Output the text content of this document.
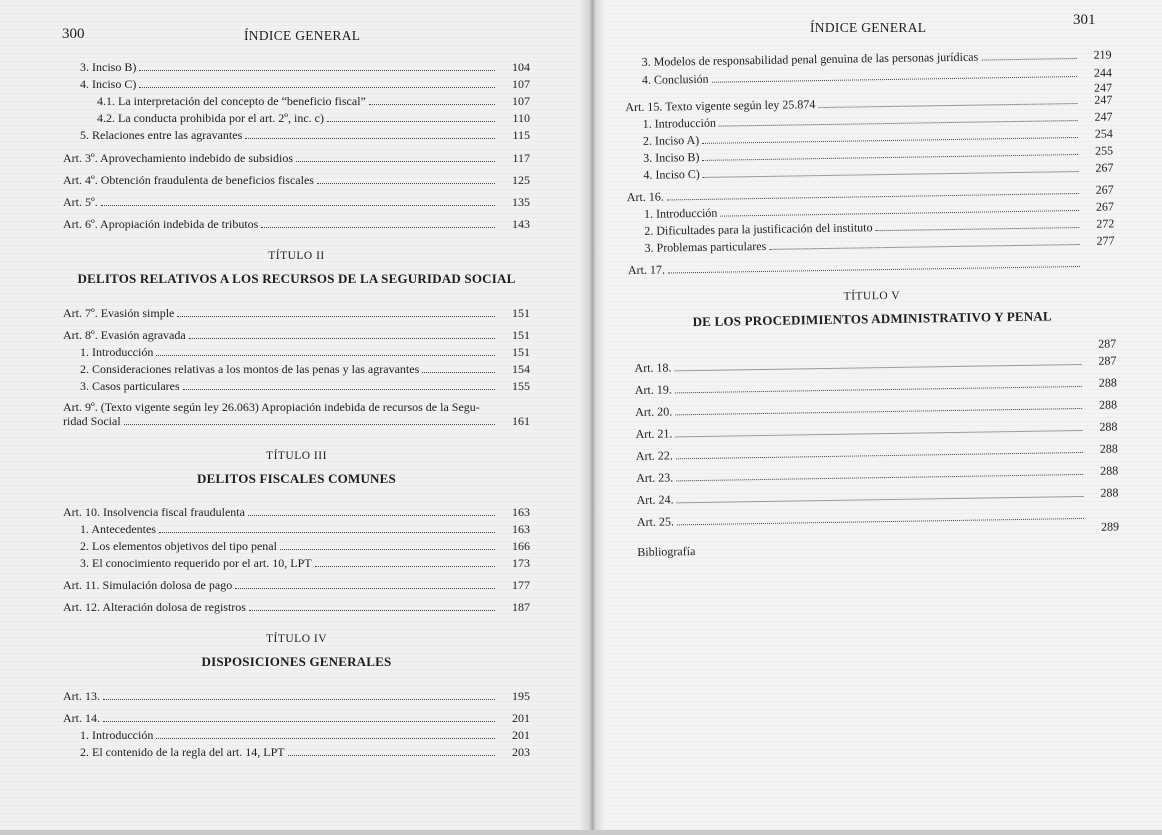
300	ÍNDICE GENERAL
3. Inciso B)	104
4. Inciso C)	107
4.1. La interpretación del concepto de “beneficio fiscal”	107
4.2. La conducta prohibida por el art. 2º, inc. c)	110
5. Relaciones entre las agravantes	115
Art. 3º. Aprovechamiento indebido de subsidios	117
Art. 4º. Obtención fraudulenta de beneficios fiscales	125
Art. 5º.	135
Art. 6º. Apropiación indebida de tributos	143
TÍTULO II
DELITOS RELATIVOS A LOS RECURSOS DE LA SEGURIDAD SOCIAL
Art. 7º. Evasión simple	151
Art. 8º. Evasión agravada	151
1. Introducción	151
2. Consideraciones relativas a los montos de las penas y las agravantes	154
3. Casos particulares	155
Art. 9º. (Texto vigente según ley 26.063) Apropiación indebida de recursos de la Segu-
ridad Social	161
TÍTULO III
DELITOS FISCALES COMUNES
Art. 10. Insolvencia fiscal fraudulenta	163
1. Antecedentes	163
2. Los elementos objetivos del tipo penal	166
3. El conocimiento requerido por el art. 10, LPT	173
Art. 11. Simulación dolosa de pago	177
Art. 12. Alteración dolosa de registros	187
TÍTULO IV
DISPOSICIONES GENERALES
Art. 13.	195
Art. 14.	201
1. Introducción	201
2. El contenido de la regla del art. 14, LPT	203
301
ÍNDICE GENERAL
3. Modelos de responsabilidad penal genuina de las personas jurídicas	219
4. Conclusión	244
247
Art. 15. Texto vigente según ley 25.874	247
1. Introducción	247
2. Inciso A)	254
3. Inciso B)	255
4. Inciso C)	267
Art. 16.	267
1. Introducción	267
2. Dificultades para la justificación del instituto	272
3. Problemas particulares	277
Art. 17.
TÍTULO V
DE LOS PROCEDIMIENTOS ADMINISTRATIVO Y PENAL
287
Art. 18.	287
Art. 19.	288
Art. 20.	288
Art. 21.	288
Art. 22.	288
Art. 23.	288
Art. 24.	288
Art. 25.	289
Bibliografía
